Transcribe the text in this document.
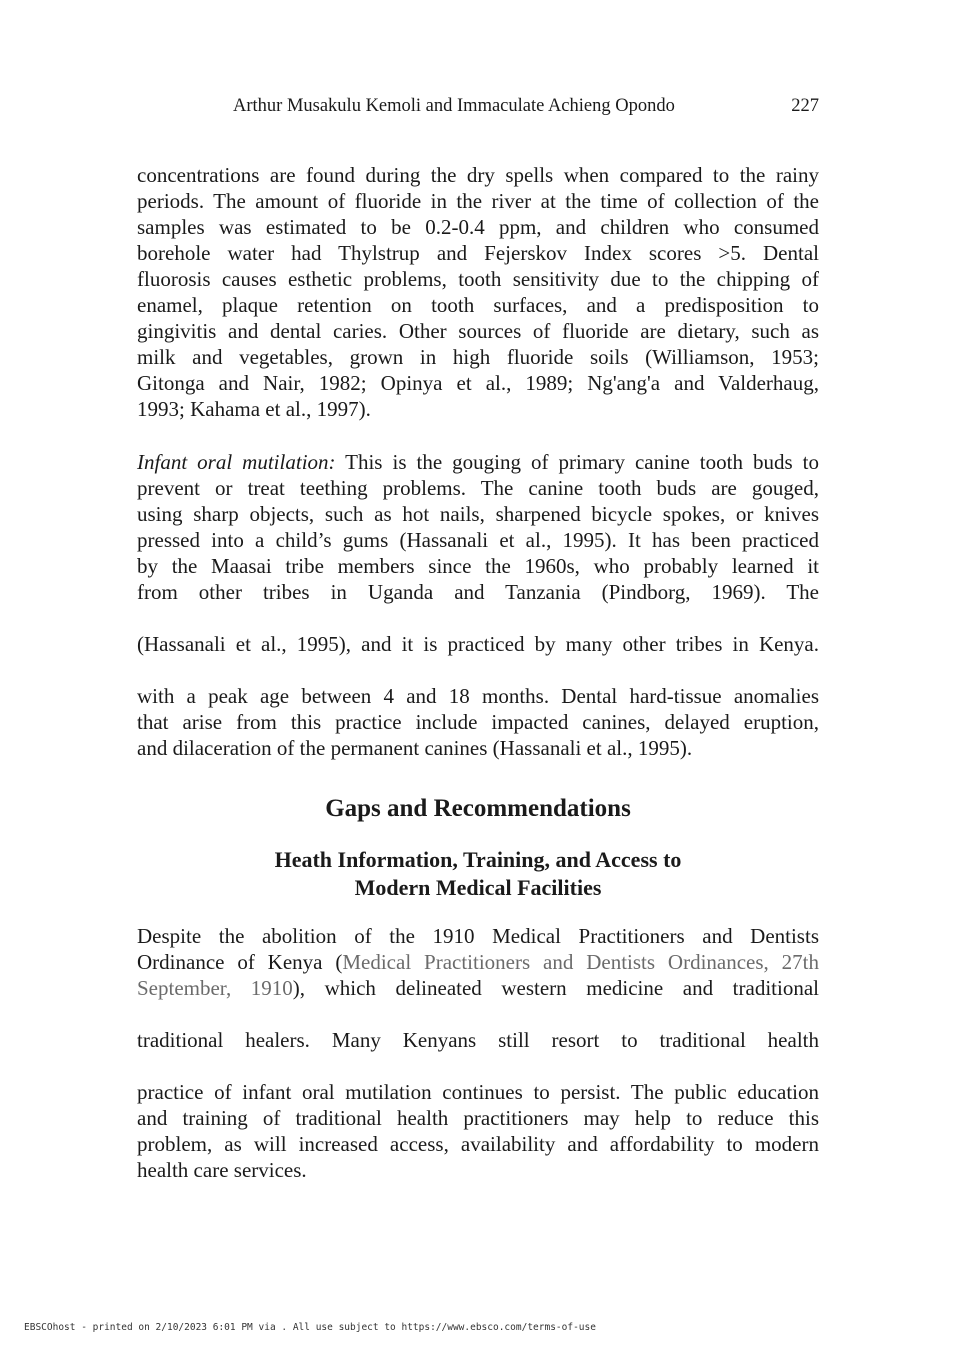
Arthur Musakulu Kemoli and Immaculate Achieng Opondo	227
concentrations are found during the dry spells when compared to the rainy
periods. The amount of fluoride in the river at the time of collection of the
samples was estimated to be 0.2-0.4 ppm, and children who consumed
borehole water had Thylstrup and Fejerskov Index scores >5. Dental
fluorosis causes esthetic problems, tooth sensitivity due to the chipping of
enamel, plaque retention on tooth surfaces, and a predisposition to
gingivitis and dental caries. Other sources of fluoride are dietary, such as
milk and vegetables, grown in high fluoride soils (Williamson, 1953;
Gitonga and Nair, 1982; Opinya et al., 1989; Ng'ang'a and Valderhaug,
1993; Kahama et al., 1997).
Infant oral mutilation: This is the gouging of primary canine tooth buds to
prevent or treat teething problems. The canine tooth buds are gouged,
using sharp objects, such as hot nails, sharpened bicycle spokes, or knives
pressed into a child’s gums (Hassanali et al., 1995). It has been practiced
by the Maasai tribe members since the 1960s, who probably learned it
from other tribes in Uganda and Tanzania (Pindborg, 1969). The
(Hassanali et al., 1995), and it is practiced by many other tribes in Kenya.
with a peak age between 4 and 18 months. Dental hard-tissue anomalies
that arise from this practice include impacted canines, delayed eruption,
and dilaceration of the permanent canines (Hassanali et al., 1995).
Gaps and Recommendations
Heath Information, Training, and Access to
Modern Medical Facilities
Despite the abolition of the 1910 Medical Practitioners and Dentists
Ordinance of Kenya (Medical Practitioners and Dentists Ordinances, 27th
September, 1910), which delineated western medicine and traditional
traditional healers. Many Kenyans still resort to traditional health
practice of infant oral mutilation continues to persist. The public education
and training of traditional health practitioners may help to reduce this
problem, as will increased access, availability and affordability to modern
health care services.
EBSCOhost - printed on 2/10/2023 6:01 PM via . All use subject to https://www.ebsco.com/terms-of-use
